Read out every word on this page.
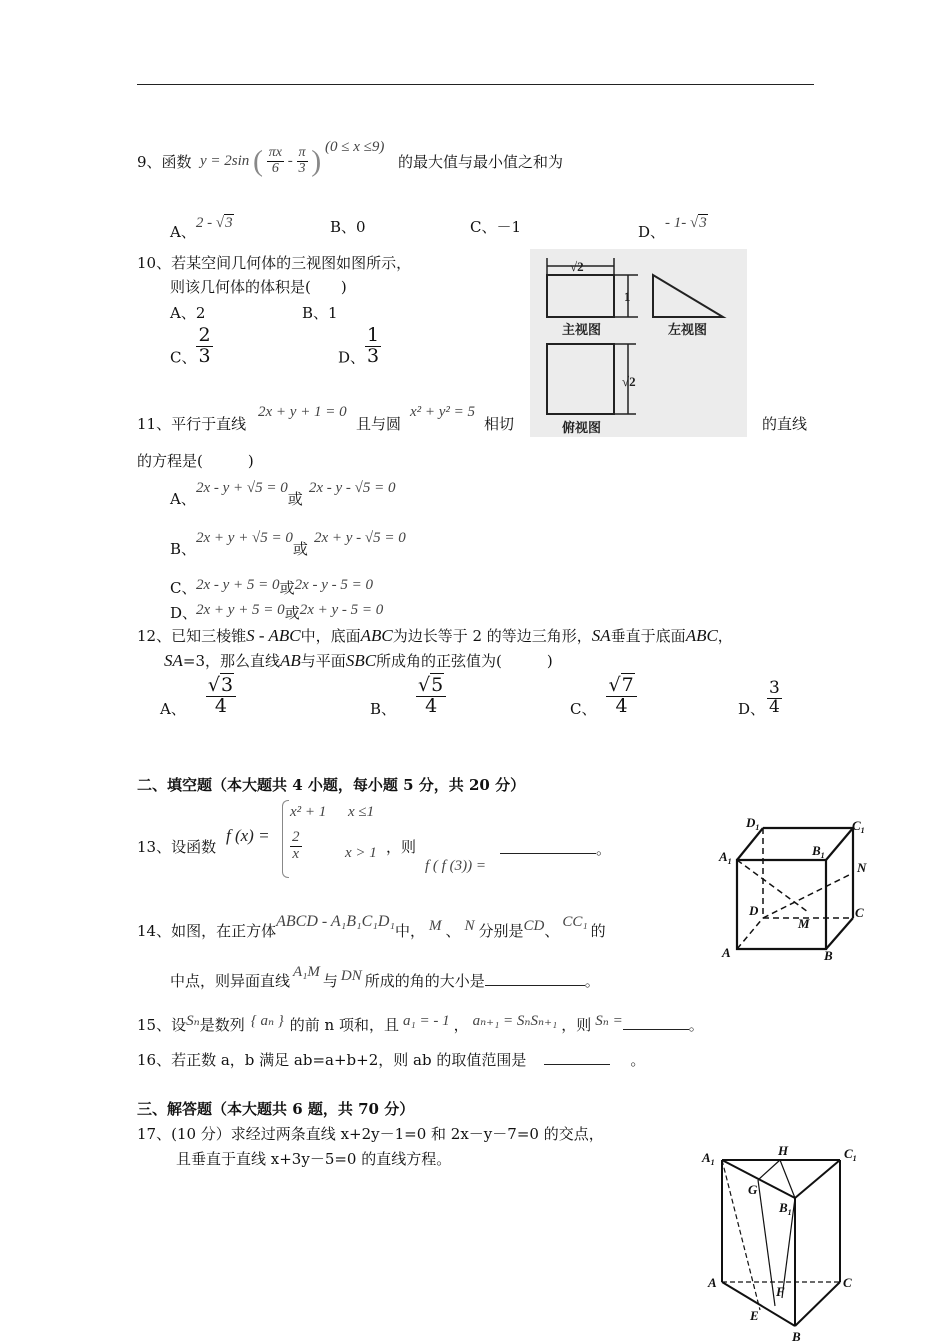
9、函数 y = 2sin ( $\frac{\pi x}{6} - \frac{\pi}{3}$ ) (0 ≤ x ≤9)
的最大值与最小值之和为
A、2 - √3	B、0	C、－1	D、- 1- √3
10、若某空间几何体的三视图如图所示，
则该几何体的体积是(　　)
A、2	B、1
C、 $\frac{2}{3}$	D、 $\frac{1}{3}$
√2
1
主视图	左视图
√2
俯视图
11、平行于直线
2x + y + 1 = 0
且与圆
x² + y² = 5
相切	的直线
的方程是(　　　)
A、2x - y + √5 = 0或2x - y - √5 = 0
B、2x + y + √5 = 0或2x + y - √5 = 0
C、2x - y + 5 = 0或2x - y - 5 = 0
D、2x + y + 5 = 0或2x + y - 5 = 0
12、已知三棱锥S - ABC中，底面ABC为边长等于 2 的等边三角形，SA垂直于底面ABC，
SA=3，那么直线AB与平面SBC所成角的正弦值为(　　　)
A、 $\frac{√3}{4}$	B、 $\frac{√5}{4}$	C、 $\frac{√7}{4}$	D、 $\frac{3}{4}$
二、填空题（本大题共 4 小题，每小题 5 分，共 20 分）
13、设函数
f (x) =
x² + 1 x ≤1
$\frac{2}{x}$	x > 1 ，则
f ( f (3)) =
。
$D_1$	$C_1$
$A_1$
$B_1$
N
D	C
M
A	B
14、如图，在正方体ABCD - A₁B₁C₁D₁中， M 、 N 分别是CD、 CC₁ 的
中点，则异面直线 A₁M 与 DN 所成的角的大小是	。
15、设Sₙ是数列 { aₙ } 的前 n 项和，且 a₁ = - 1 ， aₙ₊₁ = SₙSₙ₊₁ ，则 Sₙ =	。
16、若正数 a，b 满足 ab=a+b+2，则 ab 的取值范围是	。
三、解答题（本大题共 6 题，共 70 分）
17、(10 分）求经过两条直线 x+2y－1=0 和 2x－y－7=0 的交点，
且垂直于直线 x+3y－5=0 的直线方程。	$A_1$
H	$C_1$
G
$B_1$
A	C
F
E
B
